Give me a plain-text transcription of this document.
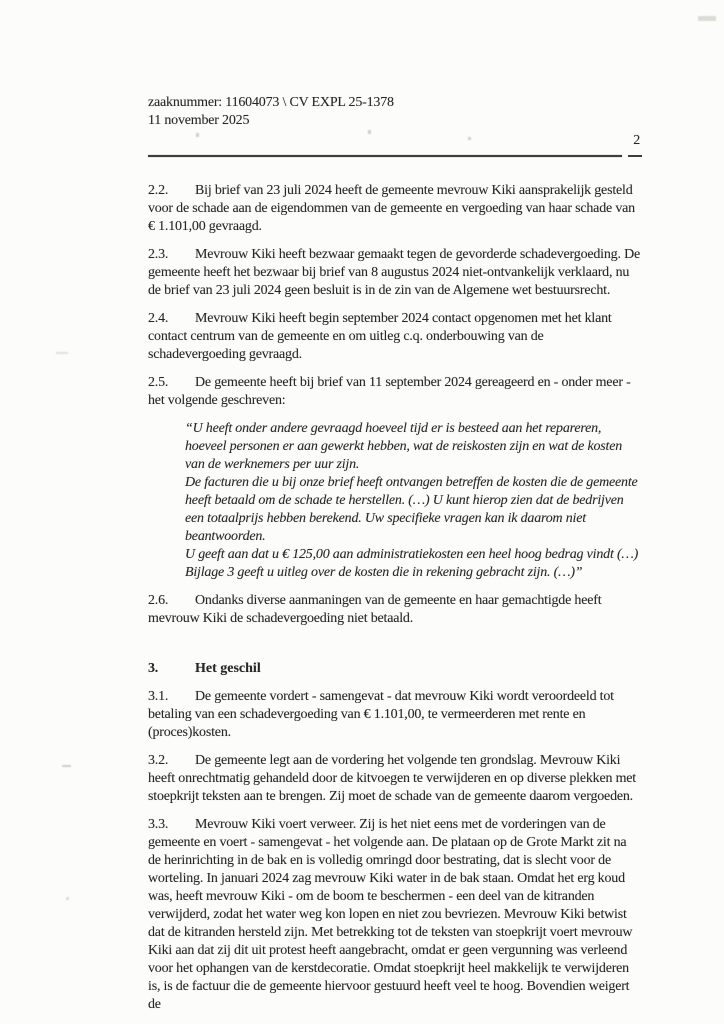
zaaknummer: 11604073 \ CV EXPL 25-1378
11 november 2025
2
2.2. Bij brief van 23 juli 2024 heeft de gemeente mevrouw Kiki aansprakelijk gesteld voor de schade aan de eigendommen van de gemeente en vergoeding van haar schade van € 1.101,00 gevraagd.
2.3. Mevrouw Kiki heeft bezwaar gemaakt tegen de gevorderde schadevergoeding. De gemeente heeft het bezwaar bij brief van 8 augustus 2024 niet-ontvankelijk verklaard, nu de brief van 23 juli 2024 geen besluit is in de zin van de Algemene wet bestuursrecht.
2.4. Mevrouw Kiki heeft begin september 2024 contact opgenomen met het klant contact centrum van de gemeente en om uitleg c.q. onderbouwing van de schadevergoeding gevraagd.
2.5. De gemeente heeft bij brief van 11 september 2024 gereageerd en - onder meer - het volgende geschreven:

“U heeft onder andere gevraagd hoeveel tijd er is besteed aan het repareren, hoeveel personen er aan gewerkt hebben, wat de reiskosten zijn en wat de kosten van de werknemers per uur zijn.

De facturen die u bij onze brief heeft ontvangen betreffen de kosten die de gemeente heeft betaald om de schade te herstellen. (…) U kunt hierop zien dat de bedrijven een totaalprijs hebben berekend. Uw specifieke vragen kan ik daarom niet beantwoorden.

U geeft aan dat u € 125,00 aan administratiekosten een heel hoog bedrag vindt (…)

Bijlage 3 geeft u uitleg over de kosten die in rekening gebracht zijn. (…)”

2.6. Ondanks diverse aanmaningen van de gemeente en haar gemachtigde heeft mevrouw Kiki de schadevergoeding niet betaald.
3.	Het geschil
3.1. De gemeente vordert - samengevat - dat mevrouw Kiki wordt veroordeeld tot betaling van een schadevergoeding van € 1.101,00, te vermeerderen met rente en (proces)kosten.
3.2. De gemeente legt aan de vordering het volgende ten grondslag. Mevrouw Kiki heeft onrechtmatig gehandeld door de kitvoegen te verwijderen en op diverse plekken met stoepkrijt teksten aan te brengen. Zij moet de schade van de gemeente daarom vergoeden.
3.3. Mevrouw Kiki voert verweer. Zij is het niet eens met de vorderingen van de gemeente en voert - samengevat - het volgende aan. De plataan op de Grote Markt zit na de herinrichting in de bak en is volledig omringd door bestrating, dat is slecht voor de worteling. In januari 2024 zag mevrouw Kiki water in de bak staan. Omdat het erg koud was, heeft mevrouw Kiki - om de boom te beschermen - een deel van de kitranden verwijderd, zodat het water weg kon lopen en niet zou bevriezen. Mevrouw Kiki betwist dat de kitranden hersteld zijn. Met betrekking tot de teksten van stoepkrijt voert mevrouw Kiki aan dat zij dit uit protest heeft aangebracht, omdat er geen vergunning was verleend voor het ophangen van de kerstdecoratie. Omdat stoepkrijt heel makkelijk te verwijderen is, is de factuur die de gemeente hiervoor gestuurd heeft veel te hoog. Bovendien weigert de
